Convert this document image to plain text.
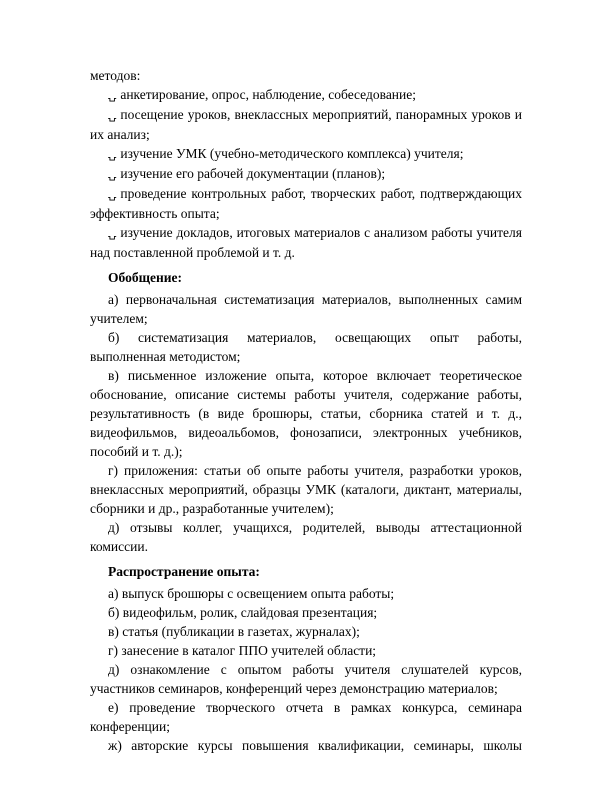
методов:

⍽ анкетирование, опрос, наблюдение, собеседование;

⍽ посещение уроков, внеклассных мероприятий, панорамных уроков и их анализ;

⍽ изучение УМК (учебно-методического комплекса) учителя;

⍽ изучение его рабочей документации (планов);

⍽ проведение контрольных работ, творческих работ, подтверждающих эффективность опыта;

⍽ изучение докладов, итоговых материалов с анализом работы учителя над поставленной проблемой и т. д.

Обобщение:

а) первоначальная систематизация материалов, выполненных самим учителем;

б) систематизация материалов, освещающих опыт работы, выполненная методистом;

в) письменное изложение опыта, которое включает теоретическое обоснование, описание системы работы учителя, содержание работы, результативность (в виде брошюры, статьи, сборника статей и т. д., видеофильмов, видеоальбомов, фонозаписи, электронных учебников, пособий и т. д.);

г) приложения: статьи об опыте работы учителя, разработки уроков, внеклассных мероприятий, образцы УМК (каталоги, диктант, материалы, сборники и др., разработанные учителем);

д) отзывы коллег, учащихся, родителей, выводы аттестационной комиссии.

Распространение опыта:

а) выпуск брошюры с освещением опыта работы;

б) видеофильм, ролик, слайдовая презентация;

в) статья (публикации в газетах, журналах);

г) занесение в каталог ППО учителей области;

д) ознакомление с опытом работы учителя слушателей курсов, участников семинаров, конференций через демонстрацию материалов;

е) проведение творческого отчета в рамках конкурса, семинара конференции;

ж) авторские курсы повышения квалификации, семинары, школы
